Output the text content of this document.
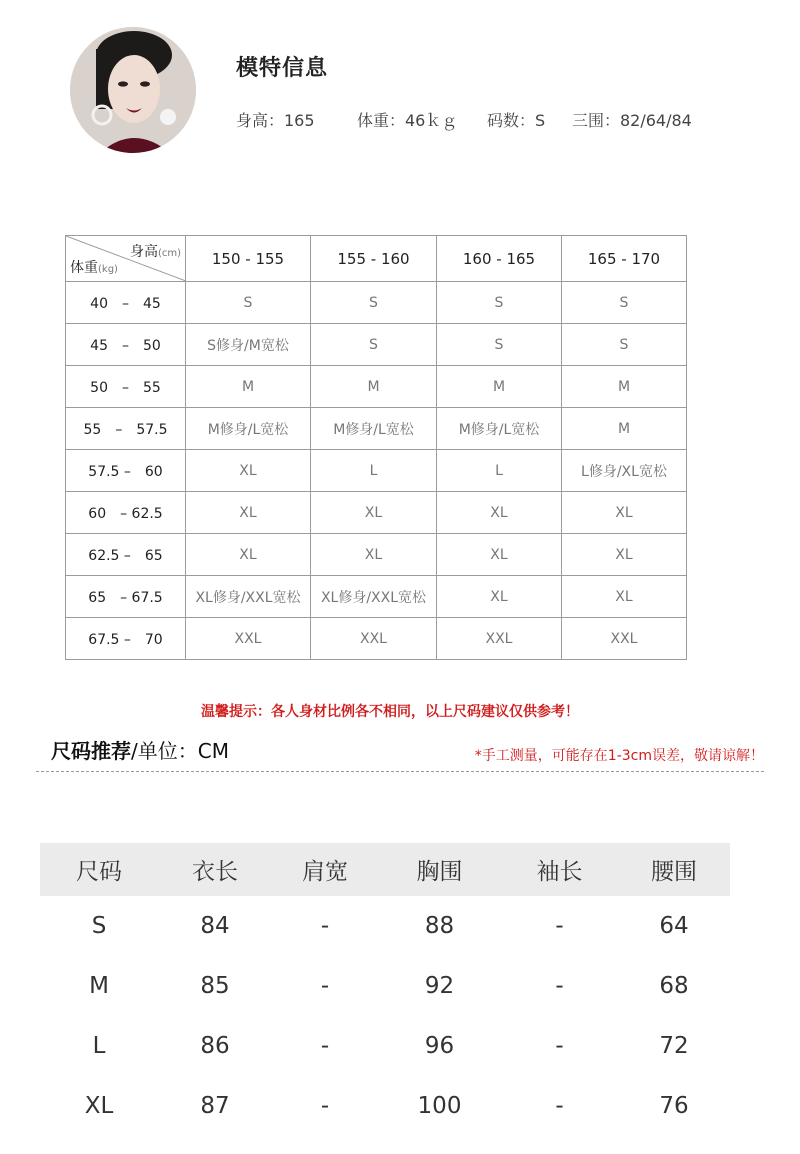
模特信息
身高：165	体重：46ｋｇ 码数：S 三围：82/64/84
身高(cm)
体重(kg)	150 - 155	155 - 160	160 - 165	165 - 170
40　–　45	S	S	S	S
45　–　50	S修身/M宽松	S	S	S
50　–　55	M	M	M	M
55　–　57.5	M修身/L宽松	M修身/L宽松	M修身/L宽松	M
57.5 –　60	XL	L	L	L修身/XL宽松
60　– 62.5	XL	XL	XL	XL
62.5 –　65	XL	XL	XL	XL
65　– 67.5	XL修身/XXL宽松	XL修身/XXL宽松	XL	XL
67.5 –　70	XXL	XXL	XXL	XXL
温馨提示：各人身材比例各不相同，以上尺码建议仅供参考！
尺码推荐/单位：CM	*手工测量，可能存在1-3cm误差，敬请谅解！
尺码	衣长	肩宽	胸围	袖长	腰围
S	84	-	88	-	64
M	85	-	92	-	68
L	86	-	96	-	72
XL	87	-	100	-	76
